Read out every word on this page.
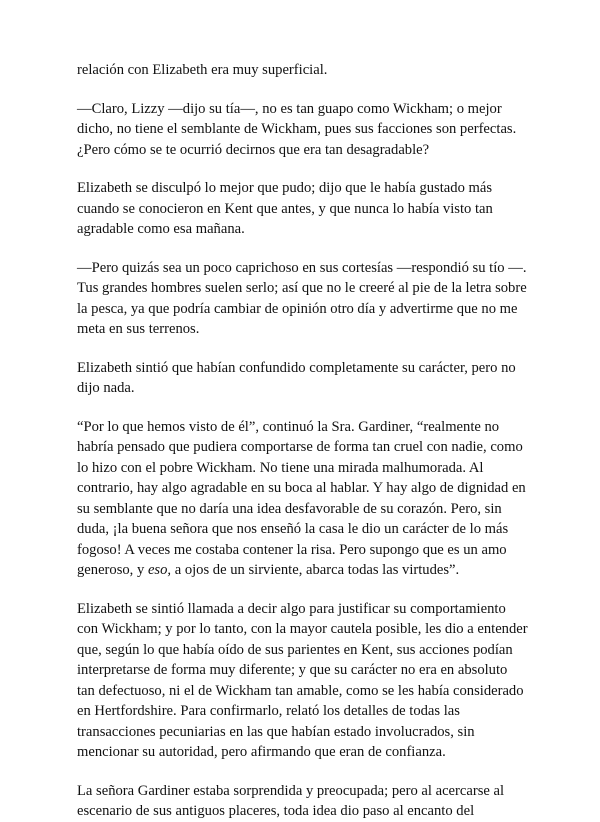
relación con Elizabeth era muy superficial.

—Claro, Lizzy —dijo su tía—, no es tan guapo como Wickham; o mejor dicho, no tiene el semblante de Wickham, pues sus facciones son perfectas. ¿Pero cómo se te ocurrió decirnos que era tan desagradable?

Elizabeth se disculpó lo mejor que pudo; dijo que le había gustado más cuando se conocieron en Kent que antes, y que nunca lo había visto tan agradable como esa mañana.

—Pero quizás sea un poco caprichoso en sus cortesías —respondió su tío —. Tus grandes hombres suelen serlo; así que no le creeré al pie de la letra sobre la pesca, ya que podría cambiar de opinión otro día y advertirme que no me meta en sus terrenos.

Elizabeth sintió que habían confundido completamente su carácter, pero no dijo nada.

“Por lo que hemos visto de él”, continuó la Sra. Gardiner, “realmente no habría pensado que pudiera comportarse de forma tan cruel con nadie, como lo hizo con el pobre Wickham. No tiene una mirada malhumorada. Al contrario, hay algo agradable en su boca al hablar. Y hay algo de dignidad en su semblante que no daría una idea desfavorable de su corazón. Pero, sin duda, ¡la buena señora que nos enseñó la casa le dio un carácter de lo más fogoso! A veces me costaba contener la risa. Pero supongo que es un amo generoso, y eso, a ojos de un sirviente, abarca todas las virtudes”.

Elizabeth se sintió llamada a decir algo para justificar su comportamiento con Wickham; y por lo tanto, con la mayor cautela posible, les dio a entender que, según lo que había oído de sus parientes en Kent, sus acciones podían interpretarse de forma muy diferente; y que su carácter no era en absoluto tan defectuoso, ni el de Wickham tan amable, como se les había considerado en Hertfordshire. Para confirmarlo, relató los detalles de todas las transacciones pecuniarias en las que habían estado involucrados, sin mencionar su autoridad, pero afirmando que eran de confianza.

La señora Gardiner estaba sorprendida y preocupada; pero al acercarse al escenario de sus antiguos placeres, toda idea dio paso al encanto del
